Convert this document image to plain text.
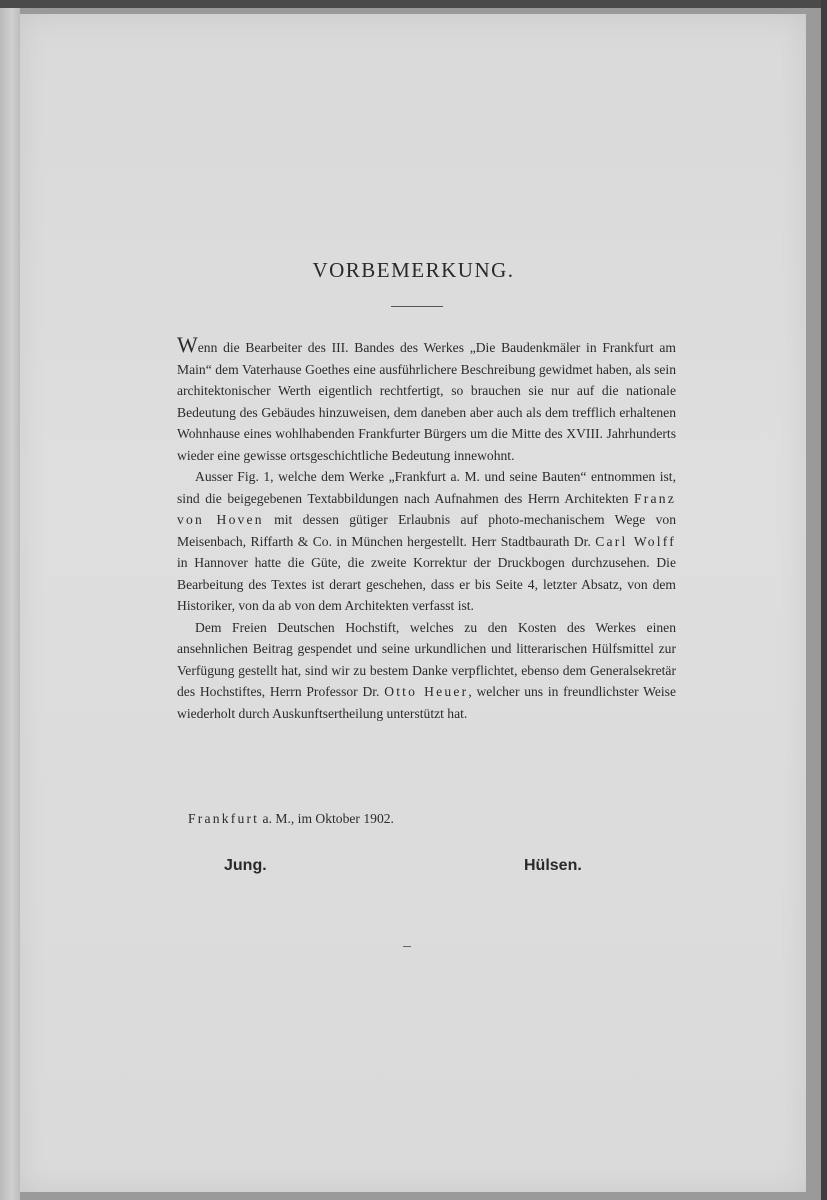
VORBEMERKUNG.

Wenn die Bearbeiter des III. Bandes des Werkes „Die Baudenkmäler in Frankfurt am Main“ dem Vaterhause Goethes eine ausführlichere Beschreibung gewidmet haben, als sein architektonischer Werth eigentlich rechtfertigt, so brauchen sie nur auf die nationale Bedeutung des Gebäudes hinzuweisen, dem daneben aber auch als dem trefflich erhaltenen Wohnhause eines wohlhabenden Frankfurter Bürgers um die Mitte des XVIII. Jahrhunderts wieder eine gewisse ortsgeschichtliche Bedeutung innewohnt.

Ausser Fig. 1, welche dem Werke „Frankfurt a. M. und seine Bauten“ entnommen ist, sind die beigegebenen Textabbildungen nach Aufnahmen des Herrn Architekten Franz von Hoven mit dessen gütiger Erlaubnis auf photo-mechanischem Wege von Meisenbach, Riffarth & Co. in München hergestellt. Herr Stadtbaurath Dr. Carl Wolff in Hannover hatte die Güte, die zweite Korrektur der Druckbogen durchzusehen. Die Bearbeitung des Textes ist derart geschehen, dass er bis Seite 4, letzter Absatz, von dem Historiker, von da ab von dem Architekten verfasst ist.

Dem Freien Deutschen Hochstift, welches zu den Kosten des Werkes einen ansehnlichen Beitrag gespendet und seine urkundlichen und litterarischen Hülfsmittel zur Verfügung gestellt hat, sind wir zu bestem Danke verpflichtet, ebenso dem Generalsekretär des Hochstiftes, Herrn Professor Dr. Otto Heuer, welcher uns in freundlichster Weise wiederholt durch Auskunftsertheilung unterstützt hat.

Frankfurt a. M., im Oktober 1902.
Jung.	Hülsen.
